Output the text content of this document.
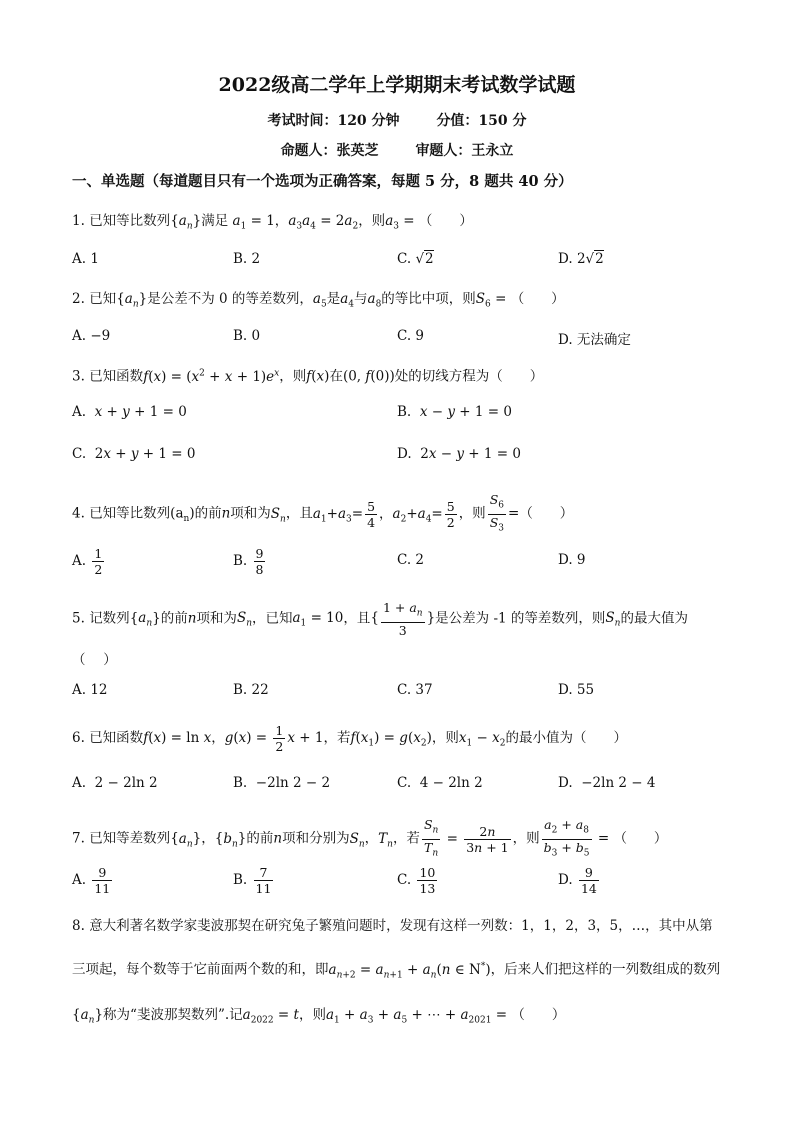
2022级高二学年上学期期末考试数学试题
考试时间：120 分钟	分值：150 分
命题人：张英芝	审题人：王永立
一、单选题（每道题目只有一个选项为正确答案，每题 5 分，8 题共 40 分）
1. 已知等比数列$\{a_n\}$满足 $a_1 = 1$，$a_3a_4 = 2a_2$，则$a_3$ = （　　）
A. 1	B. 2	C. √2	D. 2√2
2. 已知$\{a_n\}$是公差不为 0 的等差数列，$a_5$是$a_4$与$a_8$的等比中项，则$S_6$ = （　　）
A. −9	B. 0	C. 9	D. 无法确定
3. 已知函数$f(x) = (x^2 + x + 1)e^x$，则f(x)在(0, f(0))处的切线方程为（　　）
A. x + y + 1 = 0	B. x − y + 1 = 0
C.  2x + y + 1 = 0	D.  2x − y + 1 = 0
4. 已知等比数列$(a_n)$的前n项和为$S_n$，且$a_1+a_3= \frac{5}{4}$ ，$a_2+a_4= \frac{5}{2}$ ，则 $\frac{S_6}{S_3}$ =（　　）
A. $\frac{1}{2}$	B. $\frac{9}{8}$	C. 2	D. 9
5. 记数列$\{a_n\}$的前n项和为$S_n$，已知$a_1 = 10$，且{ $\frac{1 + a_n}{3}$ }是公差为 -1 的等差数列，则$S_n$的最大值为
（　 ）
A. 12	B. 22	C. 37	D. 55
6. 已知函数f(x) = ln x，$g(x) = \frac{1}{2}$ x + 1，若$f(x_1) = g(x_2)$，则$x_1 - x_2$的最小值为（　　）
A.  2 − 2ln 2	B.  −2ln 2 − 2	C.  4 − 2ln 2	D.  −2ln 2 − 4
7. 已知等差数列$\{a_n\}$，$\{b_n\}$的前n项和分别为$S_n$，$T_n$，若 $\frac{S_n}{T_n} = \frac{2n}{3n + 1}$ ，则 $\frac{a_2 + a_8}{b_3 + b_5}$ = （　　）
A. $\frac{9}{11}$	B. $\frac{7}{11}$	C. $\frac{10}{13}$	D. $\frac{9}{14}$
8. 意大利著名数学家斐波那契在研究兔子繁殖问题时，发现有这样一列数：1，1，2，3，5，…，其中从第三项起，每个数等于它前面两个数的和，即$a_{n+2} = a_{n+1} + a_n(n$ ∈ N*)，后来人们把这样的一列数组成的数列$\{a_n\}$称为“斐波那契数列”.记$a_{2022} = t$，则$a_1 + a_3 + a_5$ + ⋯ + $a_{2021}$ = （　　）
